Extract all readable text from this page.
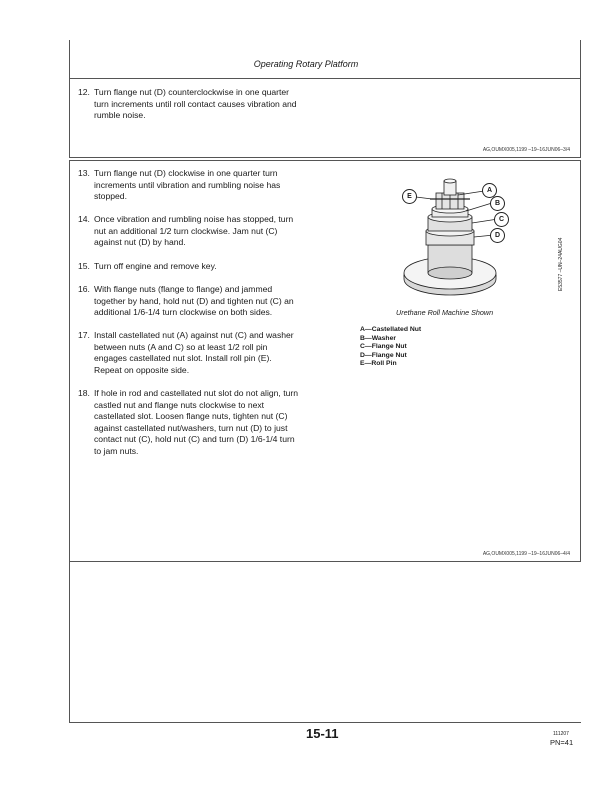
Operating Rotary Platform
12. Turn flange nut (D) counterclockwise in one quarter
turn increments until roll contact causes vibration and
rumble noise.
AG,OUMX005,1199 –19–16JUN06–3/4
13. Turn flange nut (D) clockwise in one quarter turn
increments until vibration and rumbling noise has
stopped.
14. Once vibration and rumbling noise has stopped, turn
nut an additional 1/2 turn clockwise. Jam nut (C)
against nut (D) by hand.
15. Turn off engine and remove key.
16. With flange nuts (flange to flange) and jammed
together by hand, hold nut (D) and tighten nut (C) an
additional 1/6-1/4 turn clockwise on both sides.
17. Install castellated nut (A) against nut (C) and washer
between nuts (A and C) so at least 1/2 roll pin
engages castellated nut slot. Install roll pin (E).
Repeat on opposite side.
18. If hole in rod and castellated nut slot do not align, turn
castled nut and flange nuts clockwise to next
castellated slot. Loosen flange nuts, tighten nut (C)
against castellated nut/washers, turn nut (D) to just
contact nut (C), hold nut (C) and turn (D) 1/6-1/4 turn
to jam nuts.
A
B
C
D
E
E53577 –UN–24AUG04
Urethane Roll Machine Shown
A—Castellated Nut
B—Washer
C—Flange Nut
D—Flange Nut
E—Roll Pin
AG,OUMX005,1199 –19–16JUN06–4/4
15-11	111207
PN=41
